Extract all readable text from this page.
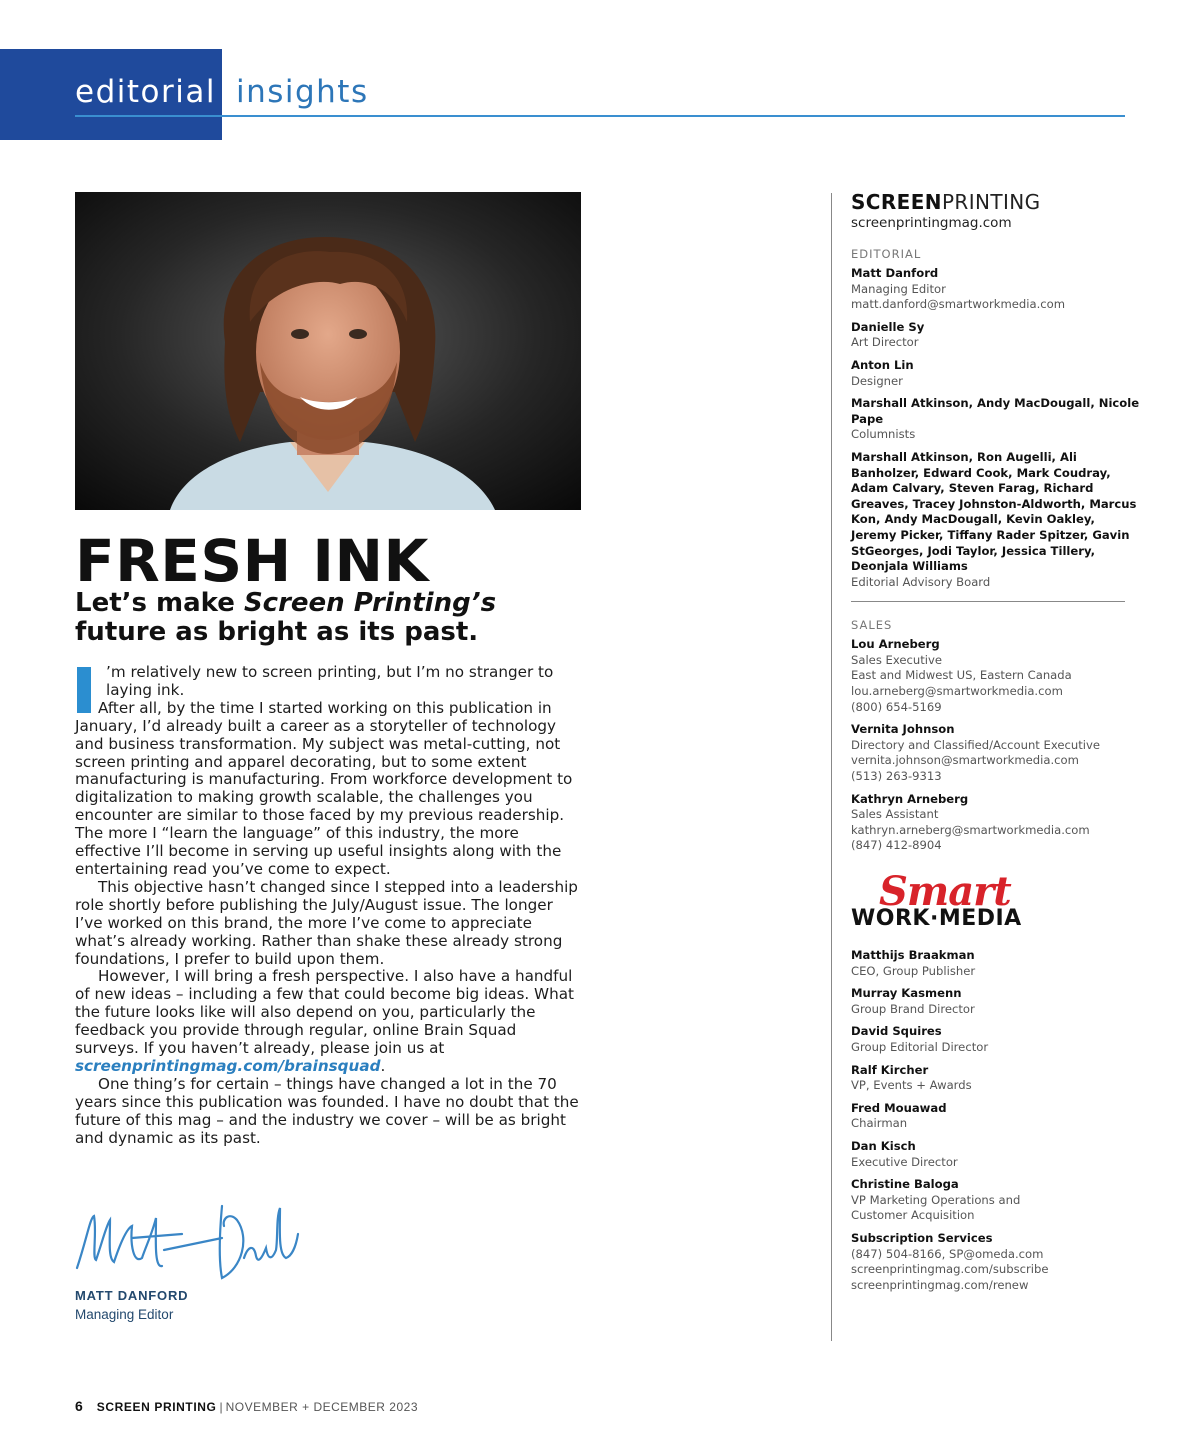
editorial insights
FRESH INK
Let’s make Screen Printing’s future as bright as its past.

’m relatively new to screen printing, but I’m no stranger to laying ink.

After all, by the time I started working on this publication in January, I’d already built a career as a storyteller of technology and business transformation. My subject was metal-cutting, not screen printing and apparel decorating, but to some extent manufacturing is manufacturing. From workforce development to digitalization to making growth scalable, the challenges you encounter are similar to those faced by my previous readership. The more I “learn the language” of this industry, the more effective I’ll become in serving up useful insights along with the entertaining read you’ve come to expect.

This objective hasn’t changed since I stepped into a leadership role shortly before publishing the July/August issue. The longer I’ve worked on this brand, the more I’ve come to appreciate what’s already working. Rather than shake these already strong foundations, I prefer to build upon them.

However, I will bring a fresh perspective. I also have a handful of new ideas – including a few that could become big ideas. What the future looks like will also depend on you, particularly the feedback you provide through regular, online Brain Squad surveys. If you haven’t already, please join us at screenprintingmag.com/brainsquad.

One thing’s for certain – things have changed a lot in the 70 years since this publication was founded. I have no doubt that the future of this mag – and the industry we cover – will be as bright and dynamic as its past.

MATT DANFORD
Managing Editor
6 SCREEN PRINTING | NOVEMBER + DECEMBER 2023
SCREENPRINTING
screenprintingmag.com
EDITORIAL
Matt Danford
Managing Editor
matt.danford@smartworkmedia.com
Danielle Sy
Art Director
Anton Lin
Designer
Marshall Atkinson, Andy MacDougall, Nicole Pape
Columnists
Marshall Atkinson, Ron Augelli, Ali Banholzer, Edward Cook, Mark Coudray, Adam Calvary, Steven Farag, Richard Greaves, Tracey Johnston-Aldworth, Marcus Kon, Andy MacDougall, Kevin Oakley, Jeremy Picker, Tiffany Rader Spitzer, Gavin StGeorges, Jodi Taylor, Jessica Tillery, Deonjala Williams
Editorial Advisory Board
SALES
Lou Arneberg
Sales Executive
East and Midwest US, Eastern Canada
lou.arneberg@smartworkmedia.com
(800) 654-5169
Vernita Johnson
Directory and Classified/Account Executive
vernita.johnson@smartworkmedia.com
(513) 263-9313
Kathryn Arneberg
Sales Assistant
kathryn.arneberg@smartworkmedia.com
(847) 412-8904
Smart
WORK·MEDIA
Matthijs Braakman
CEO, Group Publisher
Murray Kasmenn
Group Brand Director
David Squires
Group Editorial Director
Ralf Kircher
VP, Events + Awards
Fred Mouawad
Chairman
Dan Kisch
Executive Director
Christine Baloga
VP Marketing Operations and
Customer Acquisition
Subscription Services
(847) 504-8166, SP@omeda.com
screenprintingmag.com/subscribe
screenprintingmag.com/renew
